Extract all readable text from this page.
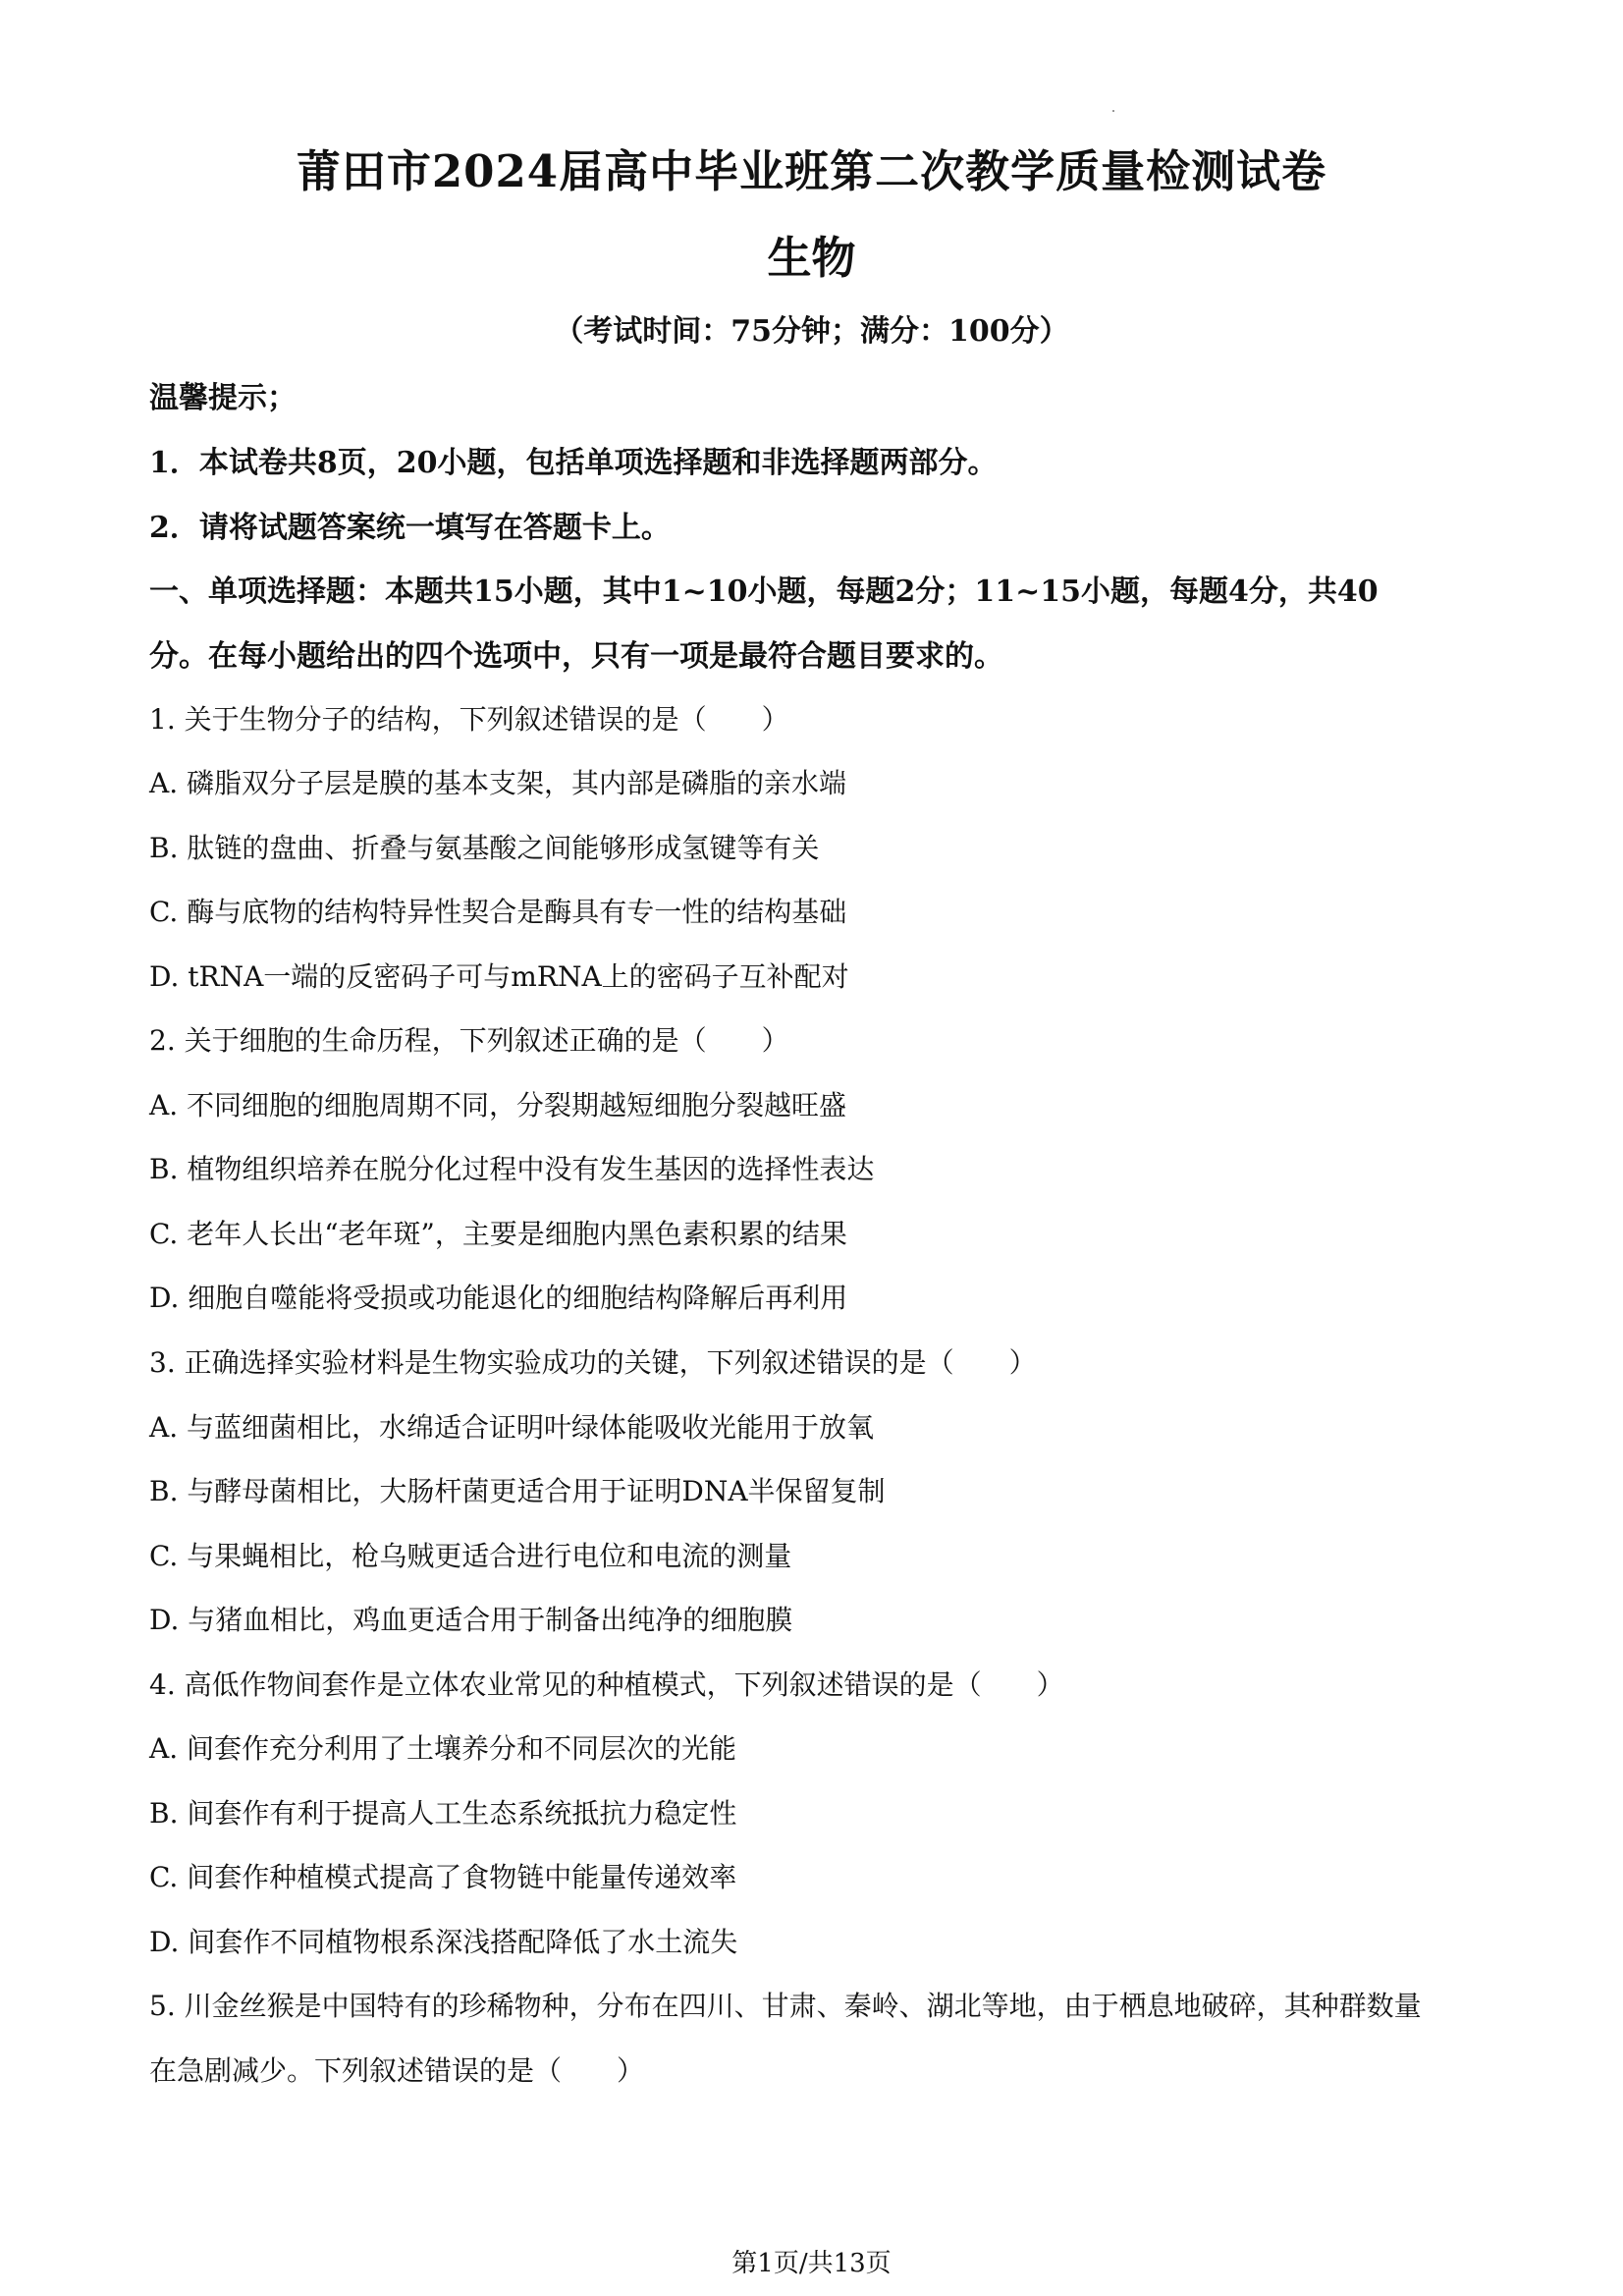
莆田市2024届高中毕业班第二次教学质量检测试卷
生物
（考试时间：75分钟；满分：100分）
温馨提示；
1．本试卷共8页，20小题，包括单项选择题和非选择题两部分。
2．请将试题答案统一填写在答题卡上。
一、单项选择题：本题共15小题，其中1~10小题，每题2分；11~15小题，每题4分，共40
分。在每小题给出的四个选项中，只有一项是最符合题目要求的。
1. 关于生物分子的结构，下列叙述错误的是（　　）
A. 磷脂双分子层是膜的基本支架，其内部是磷脂的亲水端
B. 肽链的盘曲、折叠与氨基酸之间能够形成氢键等有关
C. 酶与底物的结构特异性契合是酶具有专一性的结构基础
D. tRNA一端的反密码子可与mRNA上的密码子互补配对
2. 关于细胞的生命历程，下列叙述正确的是（　　）
A. 不同细胞的细胞周期不同，分裂期越短细胞分裂越旺盛
B. 植物组织培养在脱分化过程中没有发生基因的选择性表达
C. 老年人长出“老年斑”，主要是细胞内黑色素积累的结果
D. 细胞自噬能将受损或功能退化的细胞结构降解后再利用
3. 正确选择实验材料是生物实验成功的关键，下列叙述错误的是（　　）
A. 与蓝细菌相比，水绵适合证明叶绿体能吸收光能用于放氧
B. 与酵母菌相比，大肠杆菌更适合用于证明DNA半保留复制
C. 与果蝇相比，枪乌贼更适合进行电位和电流的测量
D. 与猪血相比，鸡血更适合用于制备出纯净的细胞膜
4. 高低作物间套作是立体农业常见的种植模式，下列叙述错误的是（　　）
A. 间套作充分利用了土壤养分和不同层次的光能
B. 间套作有利于提高人工生态系统抵抗力稳定性
C. 间套作种植模式提高了食物链中能量传递效率
D. 间套作不同植物根系深浅搭配降低了水土流失
5. 川金丝猴是中国特有的珍稀物种，分布在四川、甘肃、秦岭、湖北等地，由于栖息地破碎，其种群数量
在急剧减少。下列叙述错误的是（　　）
第1页/共13页
